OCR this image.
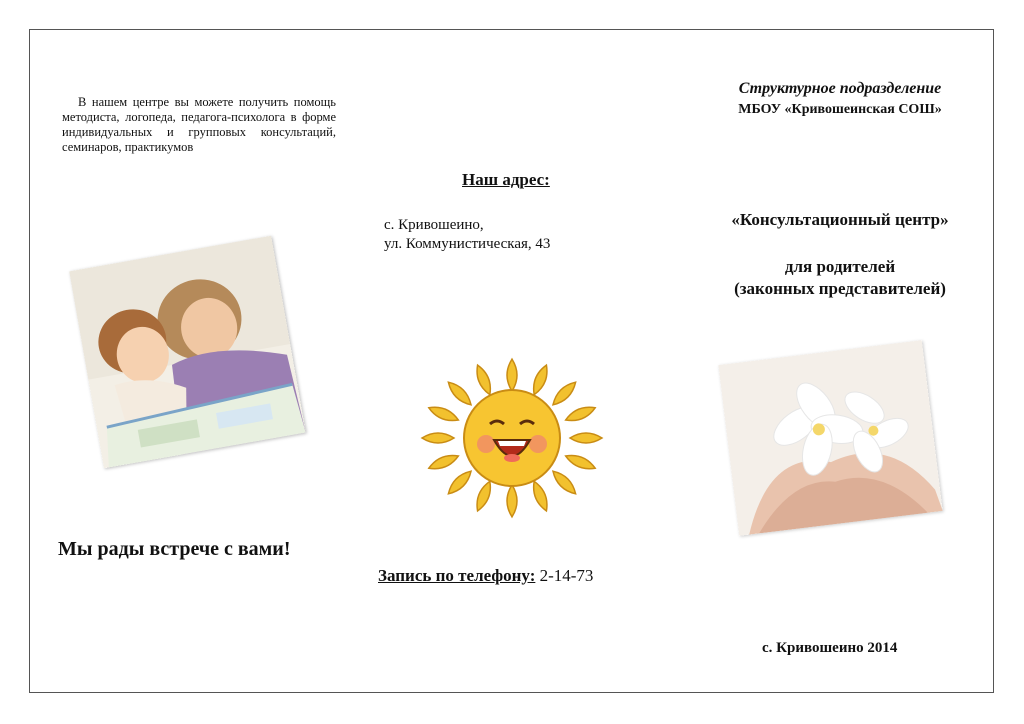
В нашем центре вы можете получить помощь методиста, логопеда, педагога-психолога в форме индивидуальных и групповых консультаций, семинаров, практикумов
Мы рады встрече с вами!
Наш адрес:
с. Кривошеино,
ул. Коммунистическая, 43
Запись по телефону: 2-14-73
Структурное подразделение
МБОУ «Кривошеинская СОШ»
«Консультационный центр»
для родителей
(законных представителей)
с. Кривошеино 2014
